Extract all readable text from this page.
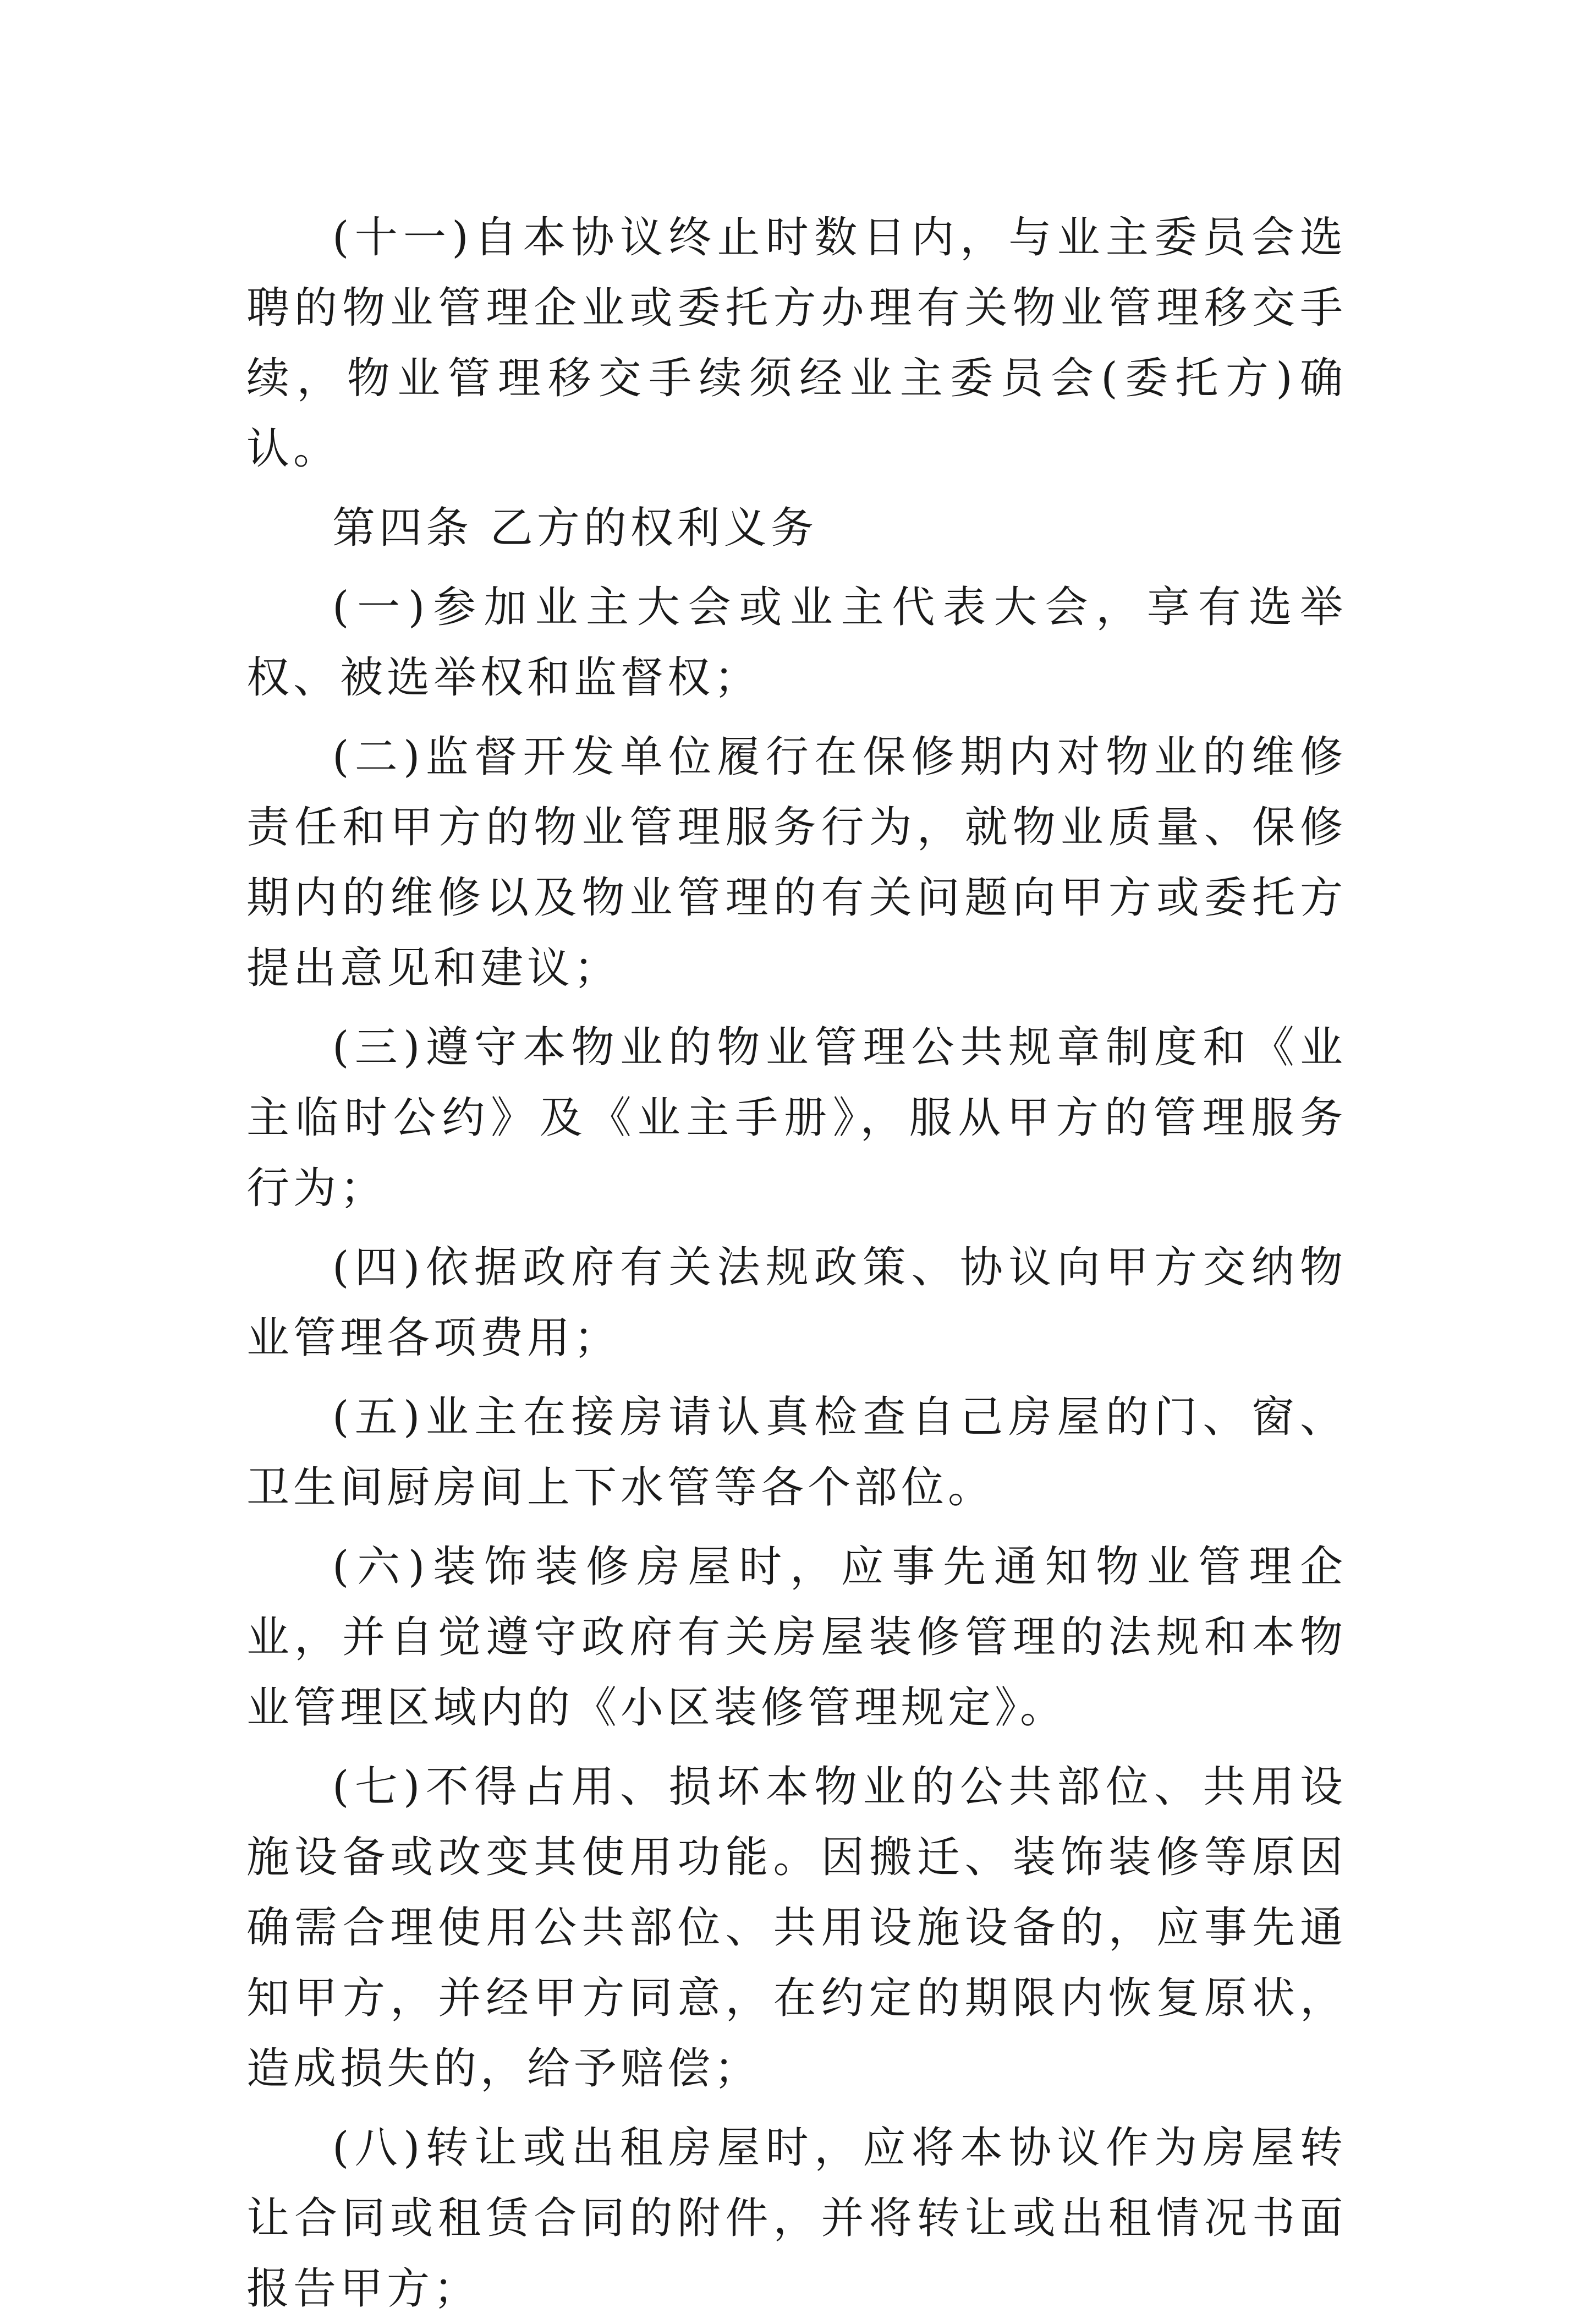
(十一)自本协议终止时数日内，与业主委员会选聘的物业管理企业或委托方办理有关物业管理移交手续，物业管理移交手续须经业主委员会(委托方)确认。

第四条 乙方的权利义务

(一)参加业主大会或业主代表大会，享有选举权、被选举权和监督权；

(二)监督开发单位履行在保修期内对物业的维修责任和甲方的物业管理服务行为，就物业质量、保修期内的维修以及物业管理的有关问题向甲方或委托方提出意见和建议；

(三)遵守本物业的物业管理公共规章制度和《业主临时公约》及《业主手册》，服从甲方的管理服务行为；

(四)依据政府有关法规政策、协议向甲方交纳物业管理各项费用；

(五)业主在接房请认真检查自己房屋的门、窗、卫生间厨房间上下水管等各个部位。

(六)装饰装修房屋时，应事先通知物业管理企业，并自觉遵守政府有关房屋装修管理的法规和本物业管理区域内的《小区装修管理规定》。

(七)不得占用、损坏本物业的公共部位、共用设施设备或改变其使用功能。因搬迁、装饰装修等原因确需合理使用公共部位、共用设施设备的，应事先通知甲方，并经甲方同意，在约定的期限内恢复原状，造成损失的，给予赔偿；

(八)转让或出租房屋时，应将本协议作为房屋转让合同或租赁合同的附件，并将转让或出租情况书面报告甲方；
